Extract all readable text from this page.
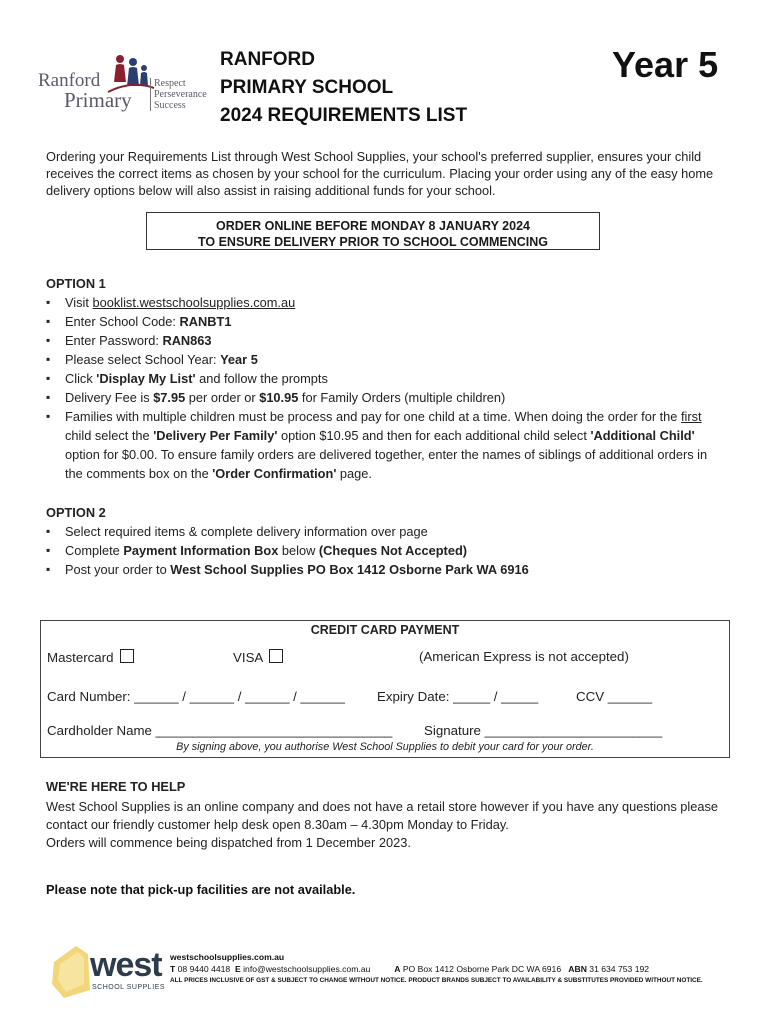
Ranford
Primary
Respect
Perseverance
Success
RANFORD
PRIMARY SCHOOL
2024 REQUIREMENTS LIST
Year 5
Ordering your Requirements List through West School Supplies, your school's preferred supplier, ensures your child receives the correct items as chosen by your school for the curriculum. Placing your order using any of the easy home delivery options below will also assist in raising additional funds for your school.
ORDER ONLINE BEFORE MONDAY 8 JANUARY 2024
TO ENSURE DELIVERY PRIOR TO SCHOOL COMMENCING
OPTION 1
▪ Visit booklist.westschoolsupplies.com.au
▪ Enter School Code: RANBT1
▪ Enter Password: RAN863
▪ Please select School Year: Year 5
▪ Click 'Display My List' and follow the prompts
▪ Delivery Fee is $7.95 per order or $10.95 for Family Orders (multiple children)
▪ Families with multiple children must be process and pay for one child at a time. When doing the order for the first child select the 'Delivery Per Family' option $10.95 and then for each additional child select 'Additional Child' option for $0.00. To ensure family orders are delivered together, enter the names of siblings of additional orders in the comments box on the 'Order Confirmation' page.
OPTION 2
▪ Select required items & complete delivery information over page
▪ Complete Payment Information Box below (Cheques Not Accepted)
▪ Post your order to West School Supplies PO Box 1412 Osborne Park WA 6916
CREDIT CARD PAYMENT
Mastercard	VISA	(American Express is not accepted)
Card Number: ______ / ______ / ______ / ______ Expiry Date: _____ / _____	CCV ______
Cardholder Name ________________________________ Signature ________________________
By signing above, you authorise West School Supplies to debit your card for your order.
WE'RE HERE TO HELP
West School Supplies is an online company and does not have a retail store however if you have any questions please contact our friendly customer help desk open 8.30am – 4.30pm Monday to Friday.
Orders will commence being dispatched from 1 December 2023.
Please note that pick-up facilities are not available.
west
SCHOOL SUPPLIES
westschoolsupplies.com.au
T 08 9440 4418 E info@westschoolsupplies.com.au	A PO Box 1412 Osborne Park DC WA 6916 ABN 31 634 753 192
ALL PRICES INCLUSIVE OF GST & SUBJECT TO CHANGE WITHOUT NOTICE. PRODUCT BRANDS SUBJECT TO AVAILABILITY & SUBSTITUTES PROVIDED WITHOUT NOTICE.
